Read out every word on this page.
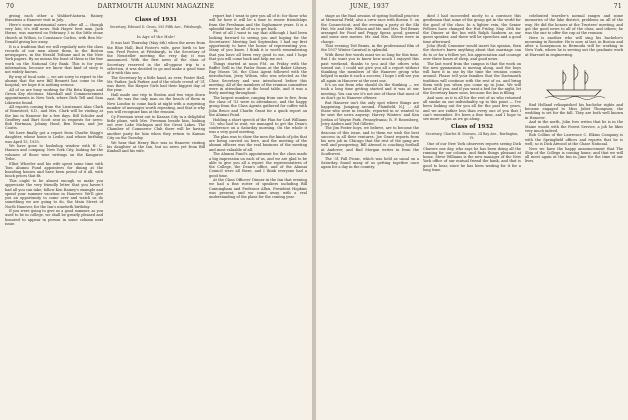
70	DARTMOUTH ALUMNI MAGAZINE

giving each other a Waldorf-Astoria. Rainey threatens a Hanover visit in July.

Here's some matrimonial news after all — though very late, it's still news. Bob Hayes' best man, Jack Horne, was married on February 3 in the little stone church at Wilton, to Constance Corliss, with Ben Mc-Donald giving her away.

It is a tradition that we will regularly note the class records of our men about them, in the Boston newspapers, in the Herald Tribune and in the New York papers. By no means the least of these is the fine work on the National City Bank. This is for your information, because we know that kind of story is not widely known.

By way of local note — we are sorry to report to the alumni that the new Bill Bennett has come to the hospital; we hope it is nothing serious.

All of us are busy working for Phi Beta Kappa and Green Key elections. Marshall and Commencement appointments in New York, where Dick Tell and Sam Likewise found.

All reports coming from the Lieutenant Alan Clark of Bonesteel, S.D., and Mrs. Clark will be visiting at the Inn in Hanover for a few days. Bill Schuler and Geoffrey and Bart Scott sent in requests for news: Bob Hortman, Johnny Hood, Ben Evans, and Joe Coutts.

We have finally got a report from Charlie Stagg's daughter, whose home is Leslie, and whose birthday was April 15, 1935.

We have gone to bookshop window with H. C. Hanson and company, New York City, looking for the volumes of those wise writings on the Kangaroo Tribe.

Elliot Wheeler and his wife spent some time with Tom Alumni Fund appointees for dining at the boarding houses and have been proud of it all, with lunch prices that fit.

This ought to be almost enough so make you appreciate the very friendly letter that you haven't had all you can take, follow Ken Rainey's example and spend your summer vacation in Hanover. We'll give you an opportunity to come over and watch us do something we are going to do, the Main Street of North Hanover, for the Inn's ninetieth birthday.

If you were going to give us a good summer, as you used to be in college, we shall be greatly pleased and honored to appear in person in some column next issue.

Class of 1931
Secretary, Edward D. Gross, 595 Fifth Ave., Pittsburgh, Pa.
In Age of the Hole!

It was last Thursday (May 6th) when the news from the Blue Hall, Bud Foster's wife, gave birth to her son, Fred Foster, at Pittsburgh, to the Secretary of the Neusteller meeting the very day it was announced. With the first news of the class of Secretary reserved in the all-oppose trip to a selection, it was decided to go and make a good time of it with this one.

The Secretary by a little hand, as ever, Foster Hall, Mr. Parker, Jack Parker, and if the whole crowd of '31 was there, the Harper Girls had their biggest day of the year.

Hall made one trip to Boston and two trips down east. He was the only man on the beach of them in New London to come back at night with a surprising number of messages worth repeating, and that is why you will recognize him at the reunion.

Cy Freeman went out to Kansas City in a delightful little plane, with Mrs. Freeman beside him, looking out over Lake Michigan and the Great Lakes. The Chamber of Commerce Club there will be having another party for him when they return to Kansas City on the Tuesday.

We hear that Henry Rice was in Hanover visiting his daughter at the Inn, but no news yet from Bill Kimball and his wife.

report but I want to give you all of it: for those who will be here it will be a time to renew friendships from the Freshman and the Sophomore years. It is a splendid time for all of us to get back.

First of all I want to say that although I had been looking forward to seeing you and hoping for the Secretaries' Meeting last September, I had my first opportunity to have the honor of representing you. Many of you know, I think it is worth remembering that you have all been very good to me, and I hope that you will come back and help me out.

Things started at noon P.M. on Friday with the Buffet Grill in the Parlor Room at the Baker Library. Ray Moses '26, the Class Agent followed with the introduction, Jerry Wilson, who was selected as the Class Secretary and was introduced before this meeting. All of the members of the reunion committee were in attendance at the head table, and it was a lively meeting throughout.

The largest number, ranging from one to five, from the class of '33 were in attendance, and the happy group from the Class Agents gathered for coffee with John Bruce and Charlie Grant for a quick report on the Alumni Fund.

Holding a short speech of the Plan for Carl Williams '13, who had to wait, we managed to get the Dean's conference on a Saturday morning. On the whole it was a very good meeting.

The plan was to show the men the kinds of jobs that are being carried on here, and the meeting of the alumni officers was the real business of the meeting and most valuable of all.

The Alumni Fund's appointment for the class made a big impression on each of us, and we are glad to be able to give you all a report: the representatives of the College, the Dean's office, and of the Alumni Council were all there, and I think everyone had a good time.

At the Class Officers' Dinner in the Inn that evening we had a fine roster of speakers including Bill Cunningham and Professor Allen, President Hopkins was present, and we came away with a real understanding of the plans for the coming year.

JUNE, 1937	71

stage as the final session of spring football practice at Memorial Field; also a crew race with Boston U. on the Connecticut, and the evening a party at the Ski Hut. Mr. and Mrs. Wilson and Mr. and Mrs. Ted Bemis arranged for Food and Peggy Spear, good, general and some new movies. Mr. and Mrs. Silvers were in charge.

That evening Ted Bemis, in the professional film of the 1937 Winter Carnival is splendid.

With these few words must we so long for this time. But I do want you to know how much I enjoyed this past weekend, thanks to you and the others who turned out. I could not give you all a report without thanking the members of the Hanover group who helped to make it such a success; I hope I will see you all again in Hanover at the next one.

It's on me from who should do the thinking — we took a long time getting started and it was at our meeting. You can see it's not one of those that most of us don't go to Hanover oftener.

But Hanover isn't the only spot where things are happening. Jumping around, Plainfield, N.J. … All those who were in trouble, reported in or wanted to be sent the news anyway: Harvey Winters' and Ken Jordan of Wayne Park, Pennsylvania; R. P. Rosenberg, Jerry Anders and Ted Gillette.

The Jim Foster boys, we believe, are to become the deacons of this issue, and to them we wish the best success in all their ventures. Joe Grant reports from his new job in Chicago that the rest of the gang are well and prospering; Bill Atwood is coaching football at Andover; and Bud Morgan writes in from the Southwest.

The '31 Fall Picnic, which was held as usual on a Saturday, found many of us getting together once again for a day in the country.

died I had succeeded nicely to a convince this gentleman that some of the group got in the world for the good of the class. In a lighter vein, the Senior Fellows have changed the Hut Friday, May 28th for the Dinner at the Inn with Ralph Sanborn as our guest speaker, and there will be speeches and a good time afterward.

John (Red) Crammer would insert his opinion, then the doctor's knew anything about that marriage can do to or for a fellow yet, his appreciation and courage over three hours of sleep, and good news.

The last word from the campus is that the work on the new gymnasium is moving along, and the boys will have it in use by the time the reunion comes around. Please tell your families that the Dartmouth tradition will continue with the rest of us, and bring them with you when you come up in June. We will have all of you, and if you want a bed for the night, let the Secretary know soon, because the Inn is filling.

And now, as it is all for the rest of us who returned all smoke on our individuality up to this point — I've been looking out for you all for the past few years, and we are rather less than every one of you that I can't remember. It's been a fine time, and I hope to see more of you as we go along.

Class of 1932
Secretary, Charles H. Downes, 24 Bay Ave., Burlington, Vt.

One of our New York observers reports seeing Dick Chavers one day, who says he has been doing all the running for our column, and finds things pleasant at home. Steve Williams is the new manager of the New York office of our mutual friend the bank, and that is good to hear, since he has been waiting for it for a long time.

celebrated traveler's normal ranges and some memories of the lake district, problems on all of the way. He did the honors at the Trustees' meeting, and got the good news to all of the class, and others; he was the one to offer the cup at the reunion.

Here is another who will sing his bachelor's mourning in Rossiter. He is now, at last, in Boston and after a honeymoon in Bermuda will be working in New York, where he is serving out the graduate work at Harvard in engineering.

Bud Holland relinquished his bachelor rights and became engaged to Miss Juliet Thompson; the wedding is set for the fall. They are both well known in Hanover.

And in the north, John Ives writes that he is in the Maine woods with the Forest Service, a job he likes very much indeed.

Bob Collins of the Lawrence C. Elkins Company is with the Springfield offices and reports that he is well; so is Dick Atwood at the Chase National.

Now we have the happy announcement that The Ship of the College is coming home, and that we will all meet again at the Inn in June for the time of our lives.
